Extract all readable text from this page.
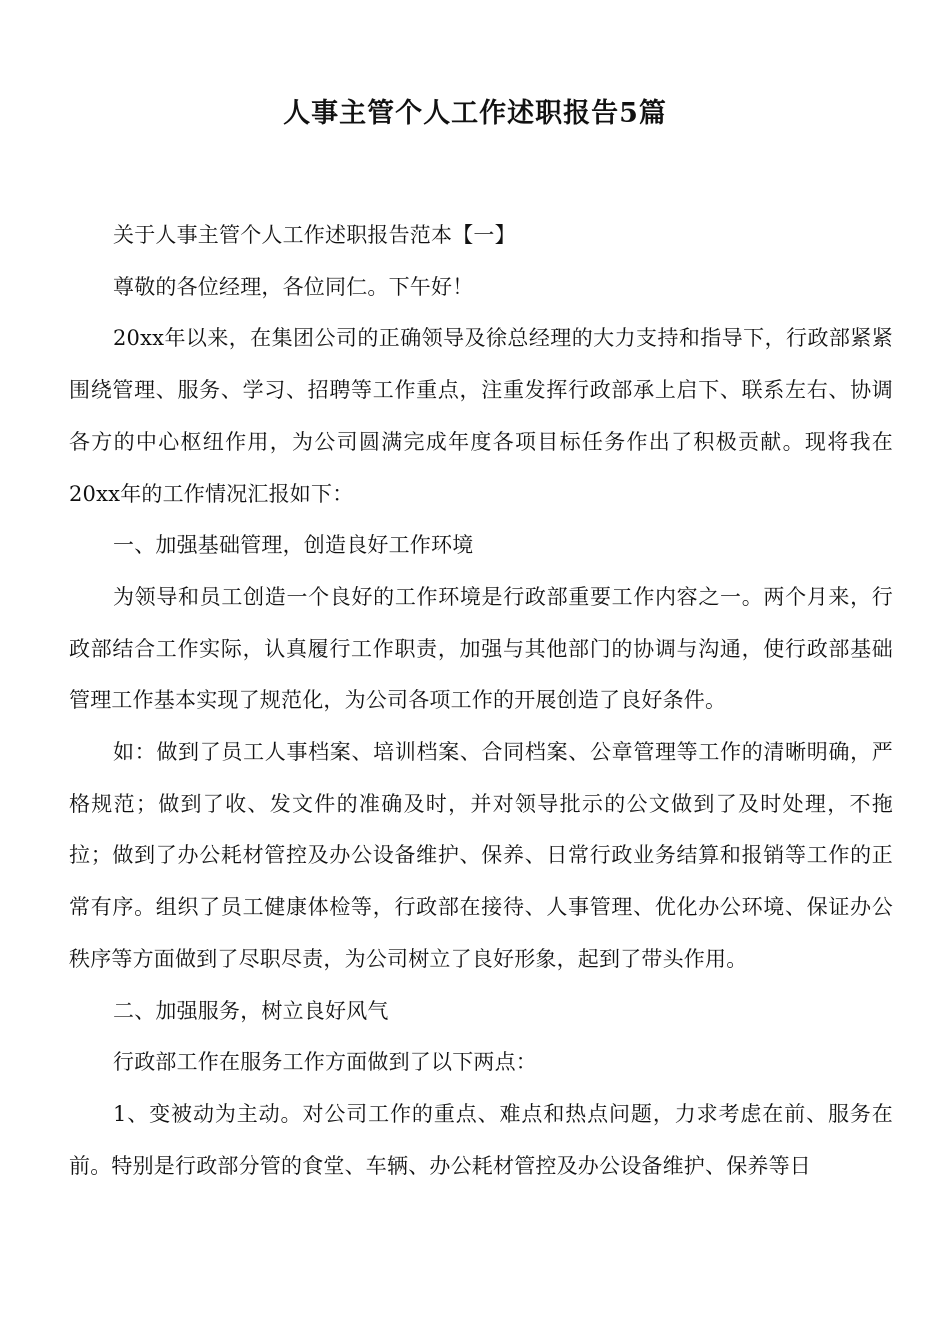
人事主管个人工作述职报告5篇

关于人事主管个人工作述职报告范本【一】

尊敬的各位经理，各位同仁。下午好！

20xx年以来，在集团公司的正确领导及徐总经理的大力支持和指导下，行政部紧紧围绕管理、服务、学习、招聘等工作重点，注重发挥行政部承上启下、联系左右、协调各方的中心枢纽作用，为公司圆满完成年度各项目标任务作出了积极贡献。现将我在20xx年的工作情况汇报如下：

一、加强基础管理，创造良好工作环境

为领导和员工创造一个良好的工作环境是行政部重要工作内容之一。两个月来，行政部结合工作实际，认真履行工作职责，加强与其他部门的协调与沟通，使行政部基础管理工作基本实现了规范化，为公司各项工作的开展创造了良好条件。

如：做到了员工人事档案、培训档案、合同档案、公章管理等工作的清晰明确，严格规范；做到了收、发文件的准确及时，并对领导批示的公文做到了及时处理，不拖拉；做到了办公耗材管控及办公设备维护、保养、日常行政业务结算和报销等工作的正常有序。组织了员工健康体检等，行政部在接待、人事管理、优化办公环境、保证办公秩序等方面做到了尽职尽责，为公司树立了良好形象，起到了带头作用。

二、加强服务，树立良好风气

行政部工作在服务工作方面做到了以下两点：

1、变被动为主动。对公司工作的重点、难点和热点问题，力求考虑在前、服务在前。特别是行政部分管的食堂、车辆、办公耗材管控及办公设备维护、保养等日
